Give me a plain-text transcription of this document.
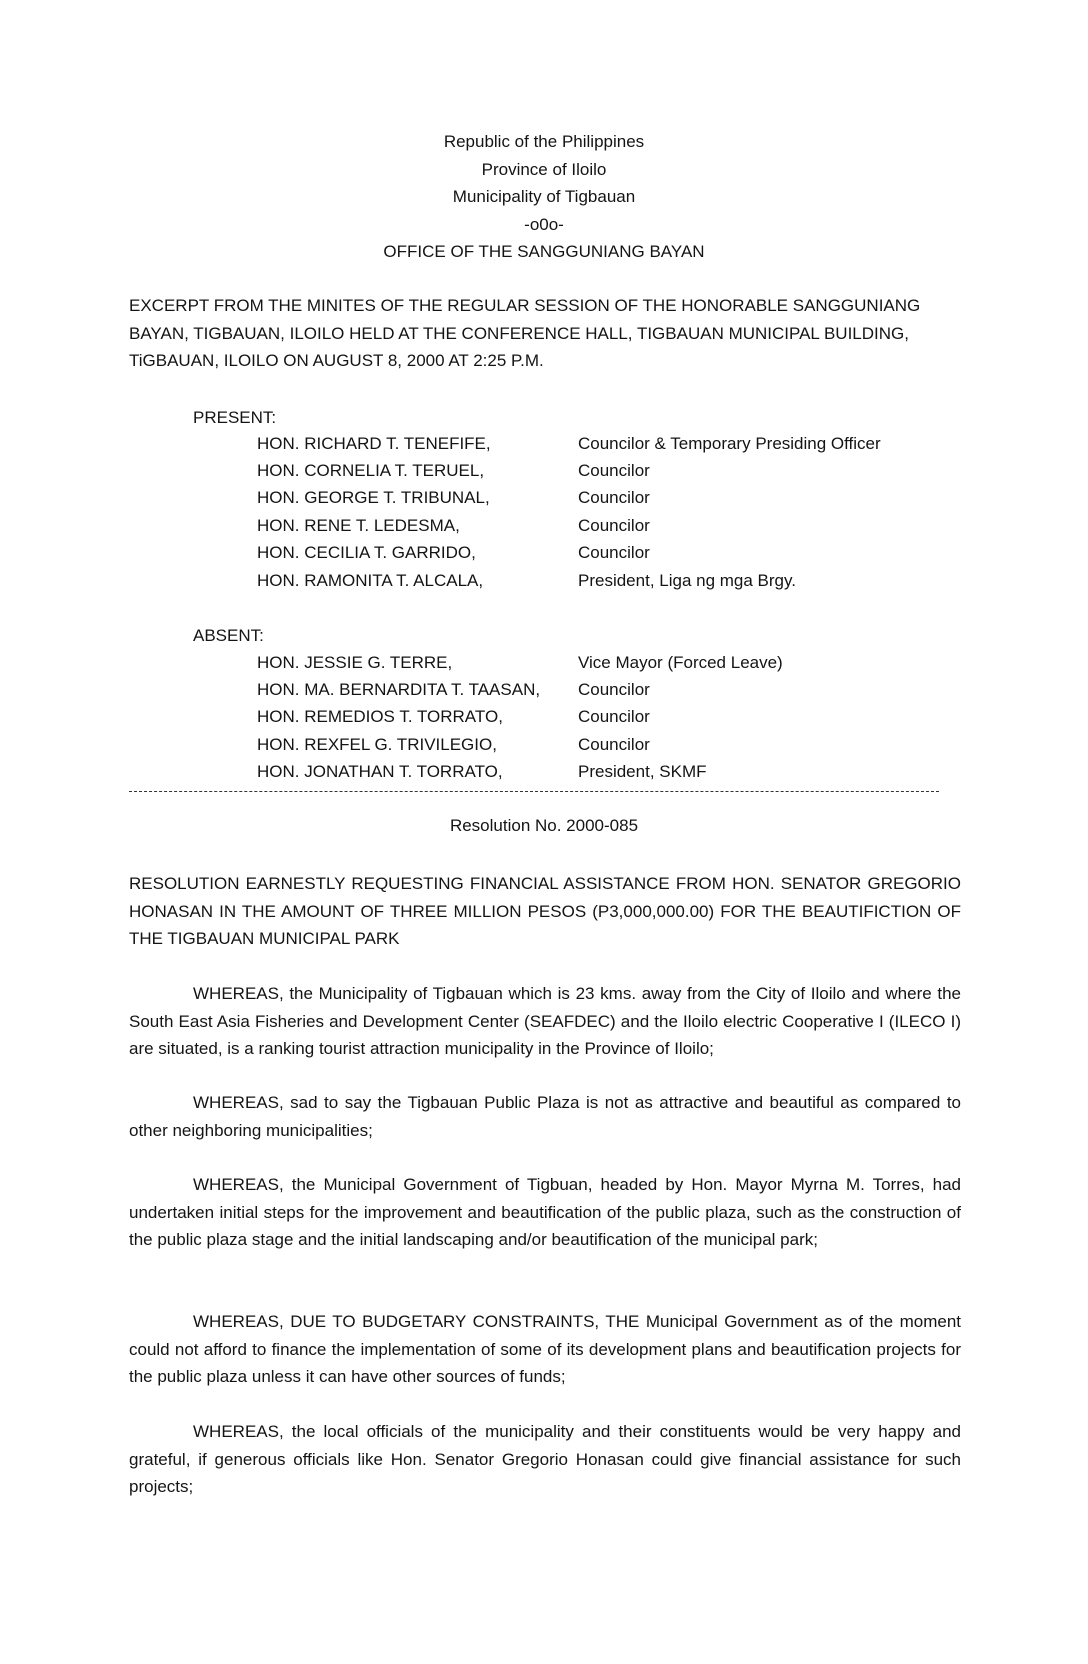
Republic of the Philippines
Province of Iloilo
Municipality of Tigbauan
-o0o-
OFFICE OF THE SANGGUNIANG BAYAN
EXCERPT FROM THE MINITES OF THE REGULAR SESSION OF THE HONORABLE SANGGUNIANG BAYAN, TIGBAUAN, ILOILO HELD AT THE CONFERENCE HALL, TIGBAUAN MUNICIPAL BUILDING, TiGBAUAN, ILOILO ON AUGUST 8, 2000 AT 2:25 P.M.
PRESENT:
HON. RICHARD T. TENEFIFE,	Councilor & Temporary Presiding Officer
HON. CORNELIA T. TERUEL,	Councilor
HON. GEORGE T. TRIBUNAL,	Councilor
HON. RENE T. LEDESMA,	Councilor
HON. CECILIA T. GARRIDO,	Councilor
HON. RAMONITA T. ALCALA,	President, Liga ng mga Brgy.
ABSENT:
HON. JESSIE G. TERRE,	Vice Mayor (Forced Leave)
HON. MA. BERNARDITA T. TAASAN, Councilor
HON. REMEDIOS T. TORRATO,	Councilor
HON. REXFEL G. TRIVILEGIO,	Councilor
HON. JONATHAN T. TORRATO,	President, SKMF
Resolution No. 2000-085
RESOLUTION EARNESTLY REQUESTING FINANCIAL ASSISTANCE FROM HON. SENATOR GREGORIO HONASAN IN THE AMOUNT OF THREE MILLION PESOS (P3,000,000.00) FOR THE BEAUTIFICTION OF THE TIGBAUAN MUNICIPAL PARK
WHEREAS, the Municipality of Tigbauan which is 23 kms. away from the City of Iloilo and where the South East Asia Fisheries and Development Center (SEAFDEC) and the Iloilo electric Cooperative I (ILECO I) are situated, is a ranking tourist attraction municipality in the Province of Iloilo;
WHEREAS, sad to say the Tigbauan Public Plaza is not as attractive and beautiful as compared to other neighboring municipalities;
WHEREAS, the Municipal Government of Tigbuan, headed by Hon. Mayor Myrna M. Torres, had undertaken initial steps for the improvement and beautification of the public plaza, such as the construction of the public plaza stage and the initial landscaping and/or beautification of the municipal park;
WHEREAS, DUE TO BUDGETARY CONSTRAINTS, THE Municipal Government as of the moment could not afford to finance the implementation of some of its development plans and beautification projects for the public plaza unless it can have other sources of funds;
WHEREAS, the local officials of the municipality and their constituents would be very happy and grateful, if generous officials like Hon. Senator Gregorio Honasan could give financial assistance for such projects;
